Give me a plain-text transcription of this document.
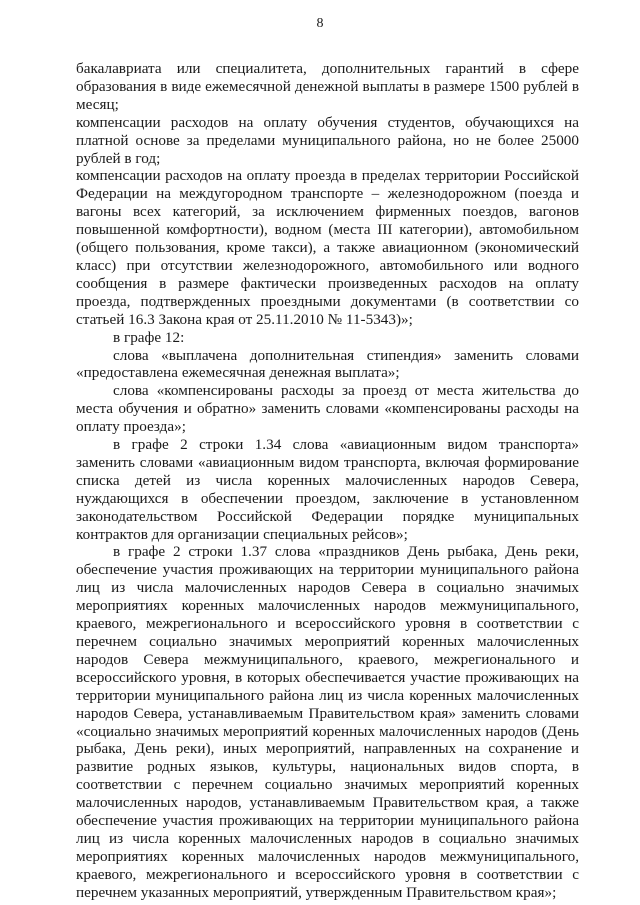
8

бакалавриата или специалитета, дополнительных гарантий в сфере образования в виде ежемесячной денежной выплаты в размере 1500 рублей в месяц;

компенсации расходов на оплату обучения студентов, обучающихся на платной основе за пределами муниципального района, но не более 25000 рублей в год;

компенсации расходов на оплату проезда в пределах территории Российской Федерации на междугородном транспорте – железнодорожном (поезда и вагоны всех категорий, за исключением фирменных поездов, вагонов повышенной комфортности), водном (места III категории), автомобильном (общего пользования, кроме такси), а также авиационном (экономический класс) при отсутствии железнодорожного, автомобильного или водного сообщения в размере фактически произведенных расходов на оплату проезда, подтвержденных проездными документами (в соответствии со статьей 16.3 Закона края от 25.11.2010 № 11-5343)»;

в графе 12:

слова «выплачена дополнительная стипендия» заменить словами «предоставлена ежемесячная денежная выплата»;

слова «компенсированы расходы за проезд от места жительства до места обучения и обратно» заменить словами «компенсированы расходы на оплату проезда»;

в графе 2 строки 1.34 слова «авиационным видом транспорта» заменить словами «авиационным видом транспорта, включая формирование списка детей из числа коренных малочисленных народов Севера, нуждающихся в обеспечении проездом, заключение в установленном законодательством Российской Федерации порядке муниципальных контрактов для организации специальных рейсов»;

в графе 2 строки 1.37 слова «праздников День рыбака, День реки, обеспечение участия проживающих на территории муниципального района лиц из числа малочисленных народов Севера в социально значимых мероприятиях коренных малочисленных народов межмуниципального, краевого, межрегионального и всероссийского уровня в соответствии с перечнем социально значимых мероприятий коренных малочисленных народов Севера межмуниципального, краевого, межрегионального и всероссийского уровня, в которых обеспечивается участие проживающих на территории муниципального района лиц из числа коренных малочисленных народов Севера, устанавливаемым Правительством края» заменить словами «социально значимых мероприятий коренных малочисленных народов (День рыбака, День реки), иных мероприятий, направленных на сохранение и развитие родных языков, культуры, национальных видов спорта, в соответствии с перечнем социально значимых мероприятий коренных малочисленных народов, устанавливаемым Правительством края, а также обеспечение участия проживающих на территории муниципального района лиц из числа коренных малочисленных народов в социально значимых мероприятиях коренных малочисленных народов межмуниципального, краевого, межрегионального и всероссийского уровня в соответствии с перечнем указанных мероприятий, утвержденным Правительством края»;
